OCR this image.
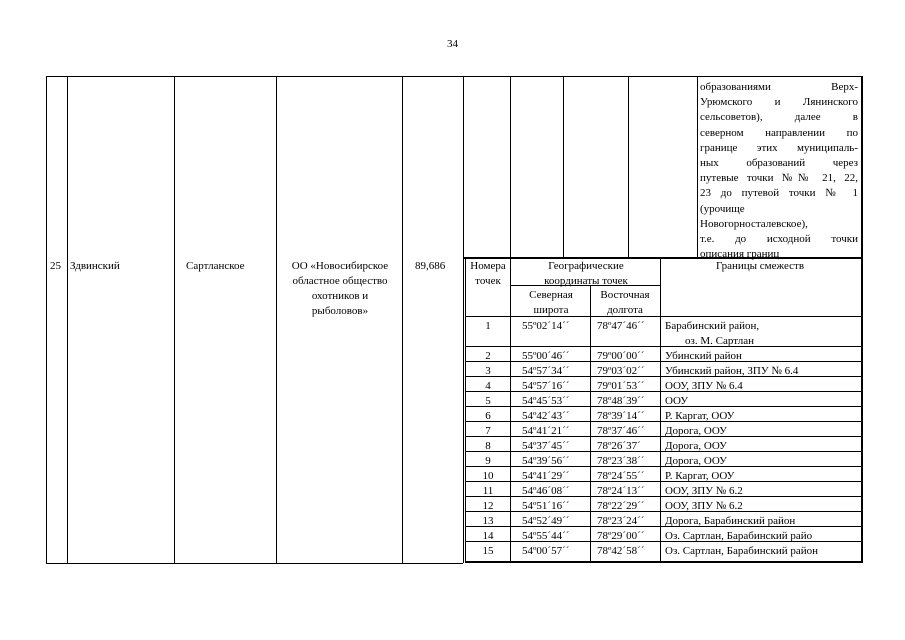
34
образованиями Верх-
Урюмского и Лянинского
сельсоветов), далее в
северном направлении по
границе этих муниципаль-
ных образований через
путевые точки №№ 21, 22,
23 до путевой точки № 1
(урочище
Новогорносталевское),
т.е. до исходной точки
описания границ
25 Здвинский	Сартланское	ОО «Новосибирское
областное общество
охотников и
рыболовов»
89,686	Номера
точек
Географические
координаты точек
Северная
широта
Восточная
долгота
Границы смежеств
1	55º02´14´´	78º47´46´´	Барабинский район,
оз. М. Сартлан
2	55º00´46´´	79º00´00´´	Убинский район
3	54º57´34´´	79º03´02´´	Убинский район, ЗПУ № 6.4
4	54º57´16´´	79º01´53´´	ООУ, ЗПУ № 6.4
5	54º45´53´´	78º48´39´´	ООУ
6	54º42´43´´	78º39´14´´	Р. Каргат, ООУ
7	54º41´21´´	78º37´46´´	Дорога, ООУ
8	54º37´45´´	78º26´37´	Дорога, ООУ
9	54º39´56´´	78º23´38´´	Дорога, ООУ
10	54º41´29´´	78º24´55´´	Р. Каргат, ООУ
11	54º46´08´´	78º24´13´´	ООУ, ЗПУ № 6.2
12	54º51´16´´	78º22´29´´	ООУ, ЗПУ № 6.2
13	54º52´49´´	78º23´24´´	Дорога, Барабинский район
14	54º55´44´´	78º29´00´´	Оз. Сартлан, Барабинский райо
15	54º00´57´´	78º42´58´´	Оз. Сартлан, Барабинский район
